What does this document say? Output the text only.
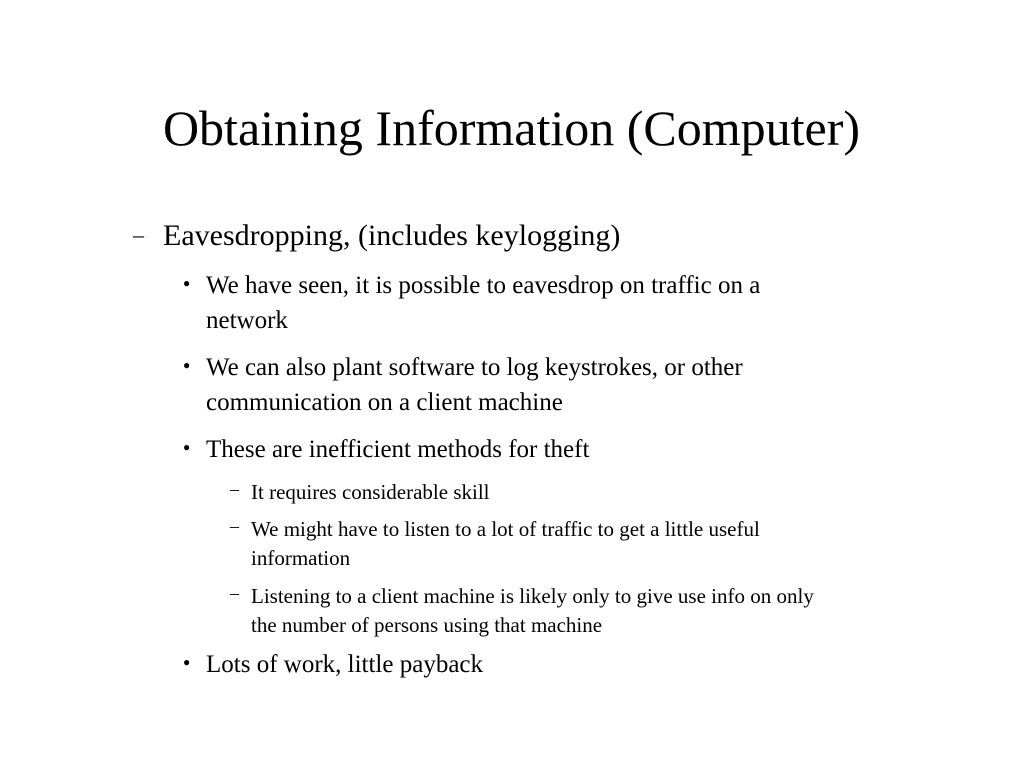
Obtaining Information (Computer)
– Eavesdropping, (includes keylogging)
● We have seen, it is possible to eavesdrop on traffic on a
network
● We can also plant software to log keystrokes, or other
communication on a client machine
● These are inefficient methods for theft
– It requires considerable skill
– We might have to listen to a lot of traffic to get a little useful
information
– Listening to a client machine is likely only to give use info on only
the number of persons using that machine
● Lots of work, little payback
